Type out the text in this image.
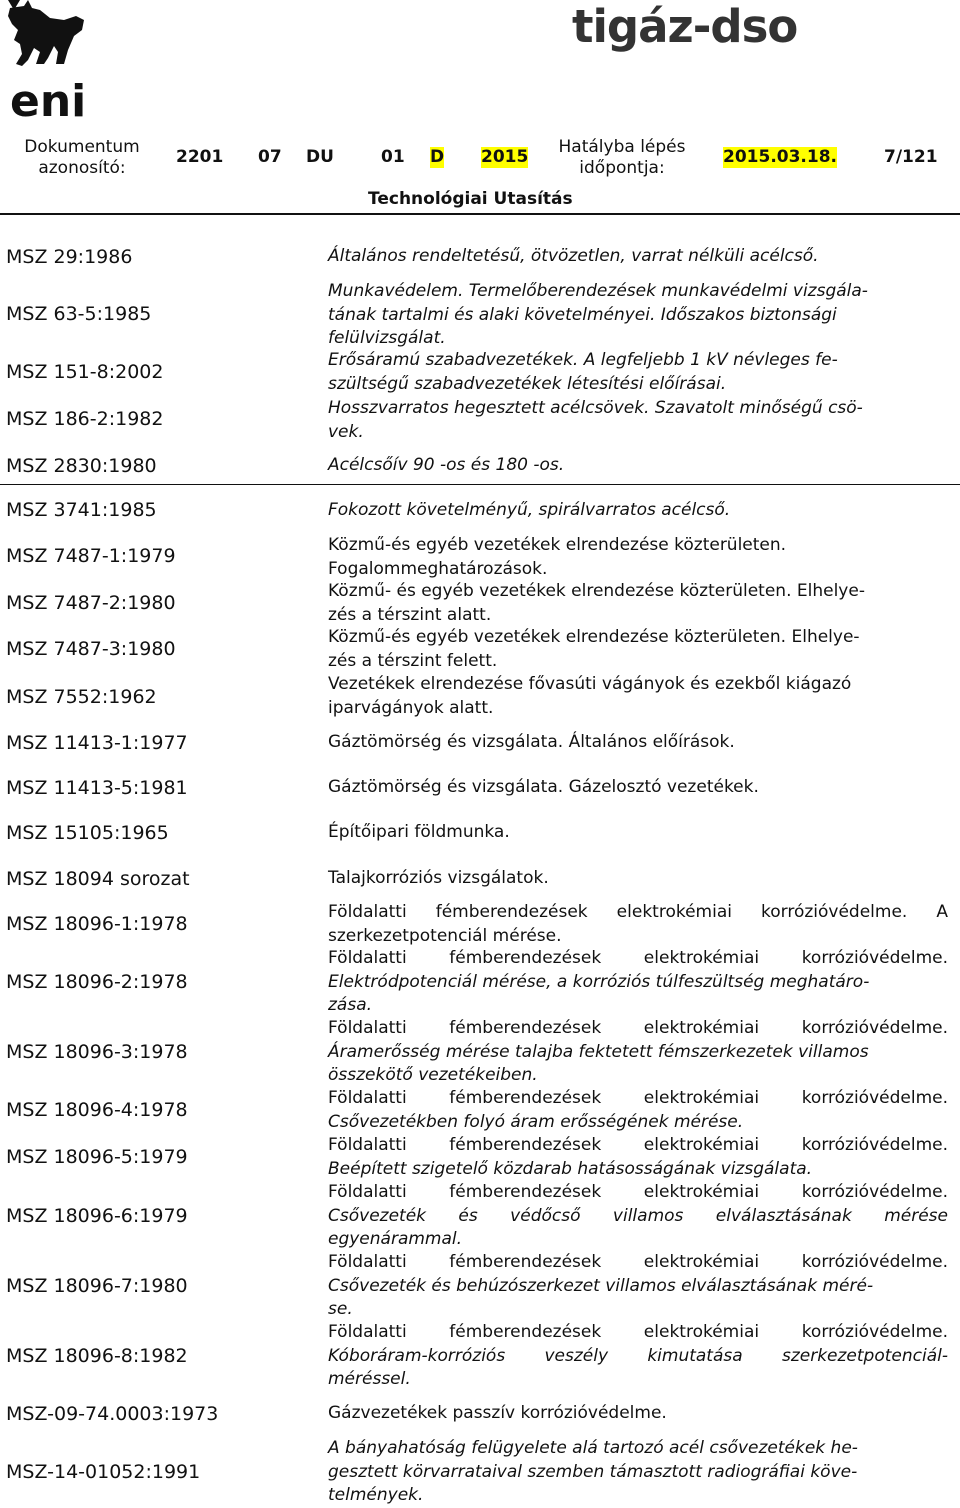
eni
tigáz-dso
Dokumentum azonosító:
2201 07 DU	01 D 2015	Hatályba lépés időpontja:
2015.03.18.	7/121
Technológiai Utasítás
MSZ 29:1986	Általános rendeltetésű, ötvözetlen, varrat nélküli acélcső.
MSZ 63-5:1985
Munkavédelem. Termelőberendezések munkavédelmi vizsgála-
tának tartalmi és alaki követelményei. Időszakos biztonsági
felülvizsgálat.
MSZ 151-8:2002
Erősáramú szabadvezetékek. A legfeljebb 1 kV névleges fe-
szültségű szabadvezetékek létesítési előírásai.
MSZ 186-2:1982	Hosszvarratos hegesztett acélcsövek. Szavatolt minőségű csö-
vek.
MSZ 2830:1980	Acélcsőív 90 -os és 180 -os.
MSZ 3741:1985	Fokozott követelményű, spirálvarratos acélcső.
MSZ 7487-1:1979	Közmű-és egyéb vezetékek elrendezése közterületen.
Fogalommeghatározások.
MSZ 7487-2:1980
Közmű- és egyéb vezetékek elrendezése közterületen. Elhelye-
zés a térszint alatt.
MSZ 7487-3:1980
Közmű-és egyéb vezetékek elrendezése közterületen. Elhelye-
zés a térszint felett.
MSZ 7552:1962
Vezetékek elrendezése fővasúti vágányok és ezekből kiágazó
iparvágányok alatt.
MSZ 11413-1:1977	Gáztömörség és vizsgálata. Általános előírások.
MSZ 11413-5:1981	Gáztömörség és vizsgálata. Gázelosztó vezetékek.
MSZ 15105:1965	Építőipari földmunka.
MSZ 18094 sorozat	Talajkorróziós vizsgálatok.
MSZ 18096-1:1978
Földalatti fémberendezések elektrokémiai korrózióvédelme. A
szerkezetpotenciál mérése.
MSZ 18096-2:1978
Földalatti fémberendezések elektrokémiai korrózióvédelme.
Elektródpotenciál mérése, a korróziós túlfeszültség meghatáro-
zása.
MSZ 18096-3:1978
Földalatti fémberendezések elektrokémiai korrózióvédelme.
Áramerősség mérése talajba fektetett fémszerkezetek villamos
összekötő vezetékeiben.
MSZ 18096-4:1978
Földalatti fémberendezések elektrokémiai korrózióvédelme.
Csővezetékben folyó áram erősségének mérése.
MSZ 18096-5:1979
Földalatti fémberendezések elektrokémiai korrózióvédelme.
Beépített szigetelő közdarab hatásosságának vizsgálata.
MSZ 18096-6:1979
Földalatti fémberendezések elektrokémiai korrózióvédelme.
Csővezeték és védőcső villamos elválasztásának mérése
egyenárammal.
MSZ 18096-7:1980
Földalatti fémberendezések elektrokémiai korrózióvédelme.
Csővezeték és behúzószerkezet villamos elválasztásának méré-
se.
MSZ 18096-8:1982
Földalatti fémberendezések elektrokémiai korrózióvédelme.
Kóboráram-korróziós veszély kimutatása szerkezetpotenciál-
méréssel.
MSZ-09-74.0003:1973	Gázvezetékek passzív korrózióvédelme.
MSZ-14-01052:1991
A bányahatóság felügyelete alá tartozó acél csővezetékek he-
gesztett körvarrataival szemben támasztott radiográfiai köve-
telmények.
